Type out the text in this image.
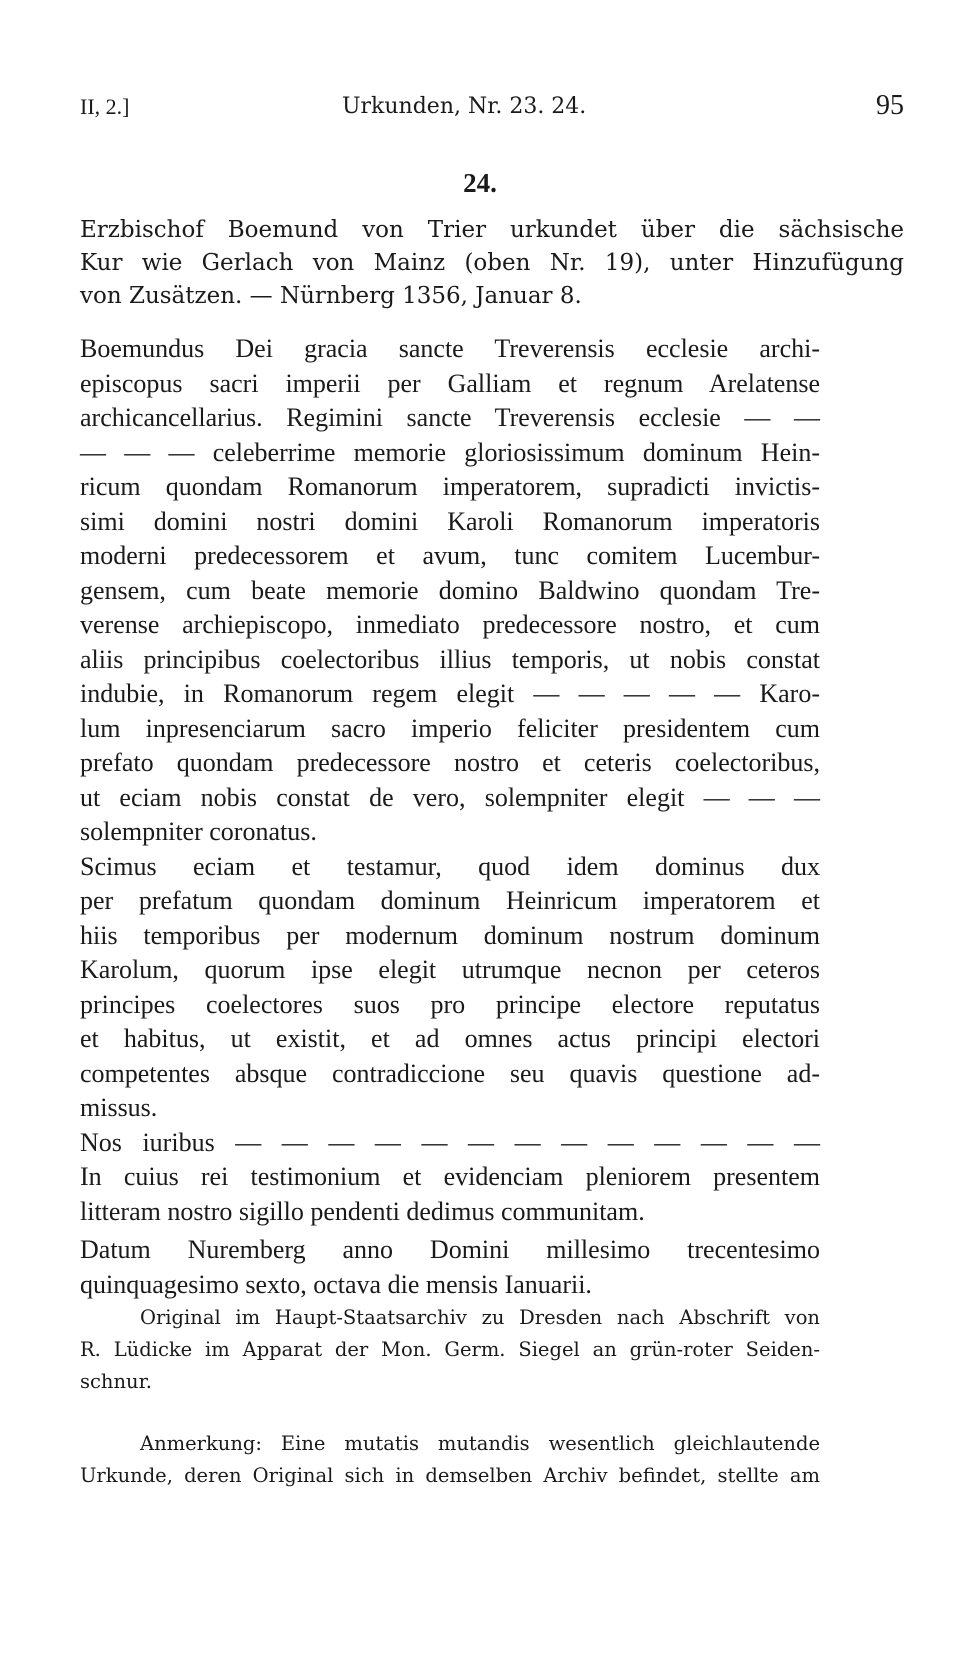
II, 2.]	Urkunden, Nr. 23. 24.	95
24.
Erzbischof Boemund von Trier urkundet über die sächsische
Kur wie Gerlach von Mainz (oben Nr. 19), unter Hinzufügung
von Zusätzen. — Nürnberg 1356, Januar 8.
Boemundus Dei gracia sancte Treverensis ecclesie archi-
episcopus sacri imperii per Galliam et regnum Arelatense
archicancellarius. Regimini sancte Treverensis ecclesie — —
— — — celeberrime memorie gloriosissimum dominum Hein-
ricum quondam Romanorum imperatorem, supradicti invictis-
simi domini nostri domini Karoli Romanorum imperatoris
moderni predecessorem et avum, tunc comitem Lucembur-
gensem, cum beate memorie domino Baldwino quondam Tre-
verense archiepiscopo, inmediato predecessore nostro, et cum
aliis principibus coelectoribus illius temporis, ut nobis constat
indubie, in Romanorum regem elegit — — — — — Karo-
lum inpresenciarum sacro imperio feliciter presidentem cum
prefato quondam predecessore nostro et ceteris coelectoribus,
ut eciam nobis constat de vero, solempniter elegit — — —
solempniter coronatus.
Scimus eciam et testamur, quod idem dominus dux
per prefatum quondam dominum Heinricum imperatorem et
hiis temporibus per modernum dominum nostrum dominum
Karolum, quorum ipse elegit utrumque necnon per ceteros
principes coelectores suos pro principe electore reputatus
et habitus, ut existit, et ad omnes actus principi electori
competentes absque contradiccione seu quavis questione ad-
missus.
Nos iuribus — — — — — — — — — — — — —
In cuius rei testimonium et evidenciam pleniorem presentem
litteram nostro sigillo pendenti dedimus communitam.
Datum Nuremberg anno Domini millesimo trecentesimo
quinquagesimo sexto, octava die mensis Ianuarii.
Original im Haupt-Staatsarchiv zu Dresden nach Abschrift von
R. Lüdicke im Apparat der Mon. Germ. Siegel an grün-roter Seiden-
schnur.
Anmerkung: Eine mutatis mutandis wesentlich gleichlautende
Urkunde, deren Original sich in demselben Archiv befindet, stellte am
